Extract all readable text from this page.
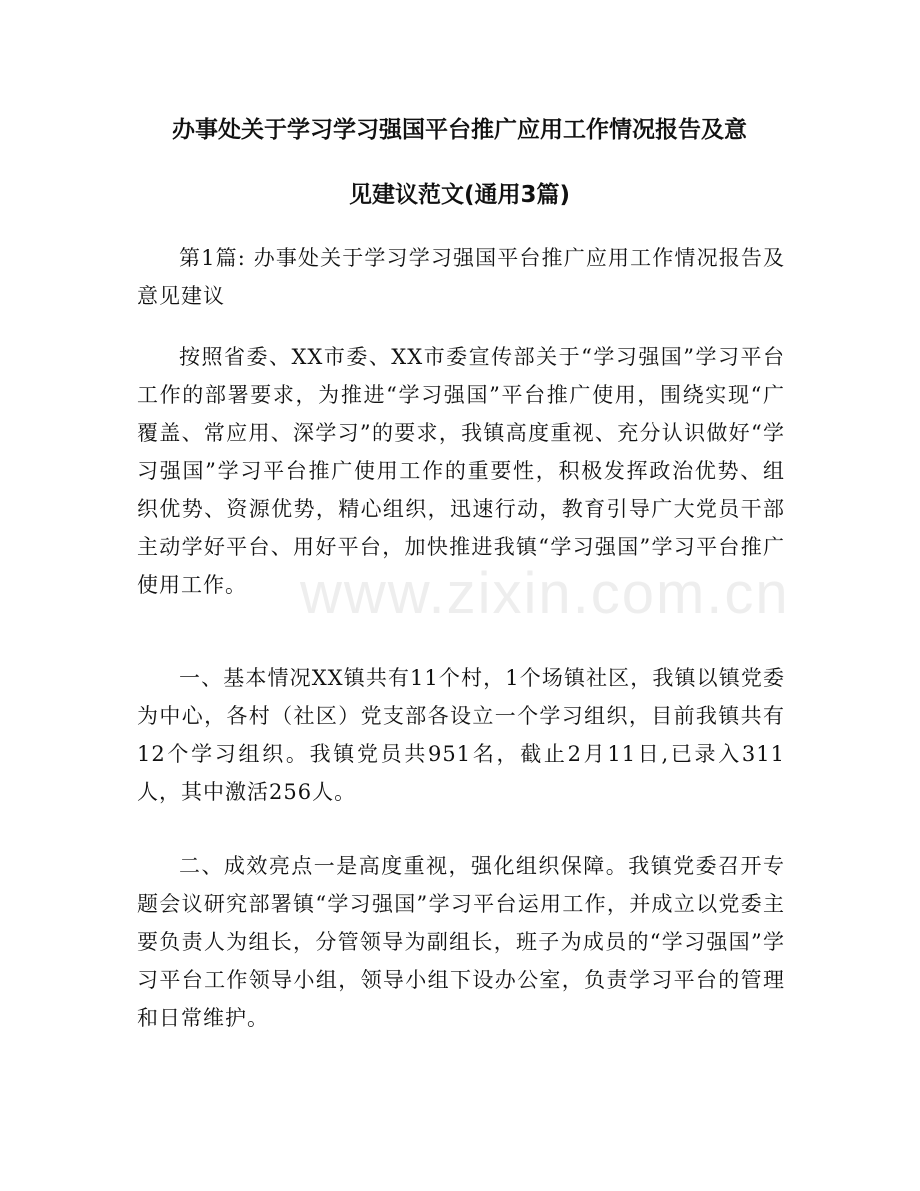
www.zixin.com.cn
办事处关于学习学习强国平台推广应用工作情况报告及意
见建议范文(通用3篇)

第1篇: 办事处关于学习学习强国平台推广应用工作情况报告及意见建议

按照省委、XX市委、XX市委宣传部关于“学习强国”学习平台工作的部署要求，为推进“学习强国”平台推广使用，围绕实现“广覆盖、常应用、深学习”的要求，我镇高度重视、充分认识做好“学习强国”学习平台推广使用工作的重要性，积极发挥政治优势、组织优势、资源优势，精心组织，迅速行动，教育引导广大党员干部主动学好平台、用好平台，加快推进我镇“学习强国”学习平台推广使用工作。

一、基本情况XX镇共有11个村，1个场镇社区，我镇以镇党委为中心，各村（社区）党支部各设立一个学习组织，目前我镇共有12个学习组织。我镇党员共951名，截止2月11日,已录入311人，其中激活256人。

二、成效亮点一是高度重视，强化组织保障。我镇党委召开专题会议研究部署镇“学习强国”学习平台运用工作，并成立以党委主要负责人为组长，分管领导为副组长，班子为成员的“学习强国”学习平台工作领导小组，领导小组下设办公室，负责学习平台的管理和日常维护。
